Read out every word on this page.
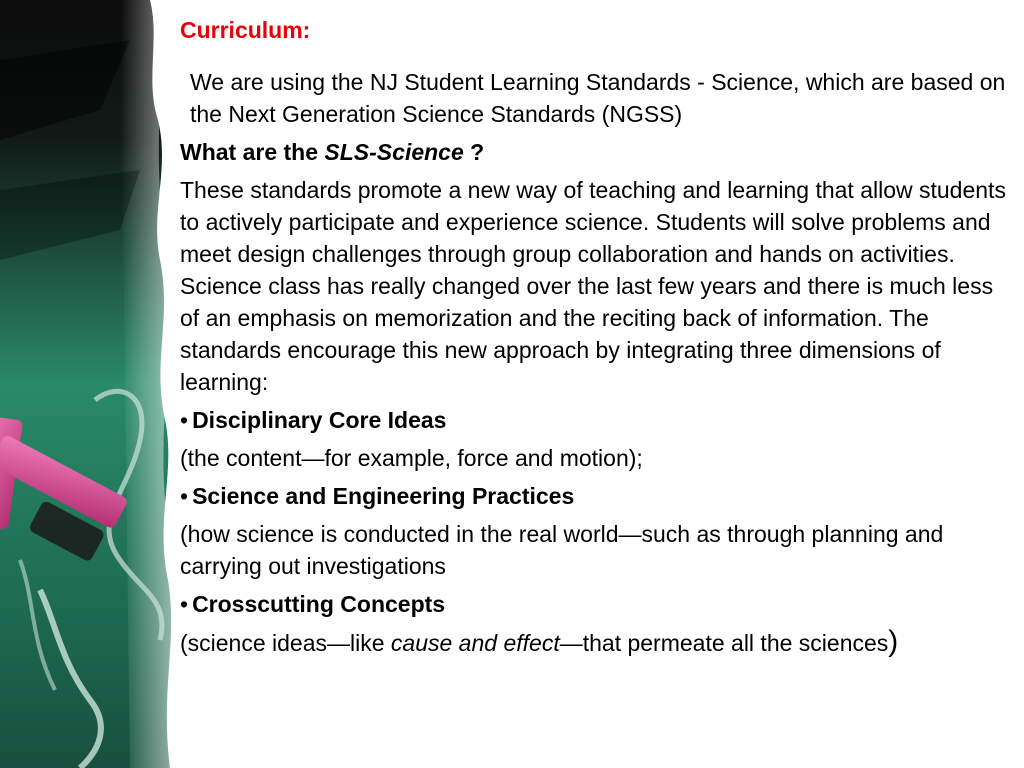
Curriculum:

We are using the NJ Student Learning Standards - Science, which are based on the Next Generation Science Standards (NGSS)

What are the SLS-Science ?

These standards promote a new way of teaching and learning that allow students to actively participate and experience science. Students will solve problems and meet design challenges through group collaboration and hands on activities. Science class has really changed over the last few years and there is much less of an emphasis on memorization and the reciting back of information. The standards encourage this new approach by integrating three dimensions of learning:

• Disciplinary Core Ideas

(the content—for example, force and motion);

• Science and Engineering Practices

(how science is conducted in the real world—such as through planning and carrying out investigations

• Crosscutting Concepts

(science ideas—like cause and effect—that permeate all the sciences)
